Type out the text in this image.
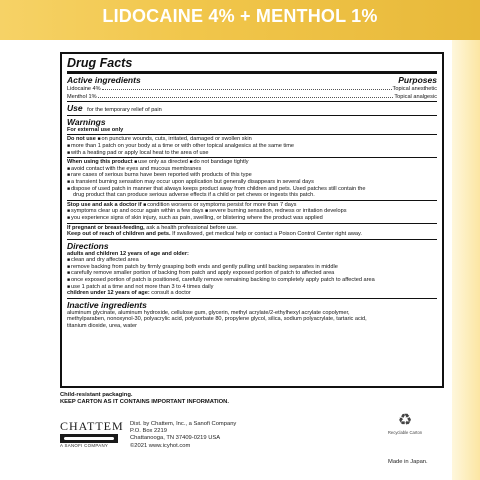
LIDOCAINE 4% + MENTHOL 1%
Drug Facts
Active ingredients	Purposes
Lidocaine 4%	Topical anesthetic
Menthol 1%	Topical analgesic
Use for the temporary relief of pain
Warnings
For external use only
Do not use ■ on puncture wounds, cuts, irritated, damaged or swollen skin
■ more than 1 patch on your body at a time or with other topical analgesics at the same time
■ with a heating pad or apply local heat to the area of use
When using this product ■ use only as directed ■ do not bandage tightly
■ avoid contact with the eyes and mucous membranes
■ rare cases of serious burns have been reported with products of this type
■ a transient burning sensation may occur upon application but generally disappears in several days
■ dispose of used patch in manner that always keeps product away from children and pets. Used patches still contain the
drug product that can produce serious adverse effects if a child or pet chews or ingests this patch.
Stop use and ask a doctor if ■ condition worsens or symptoms persist for more than 7 days
■ symptoms clear up and occur again within a few days ■ severe burning sensation, redness or irritation develops
■ you experience signs of skin injury, such as pain, swelling, or blistering where the product was applied
If pregnant or breast-feeding, ask a health professional before use.
Keep out of reach of children and pets. If swallowed, get medical help or contact a Poison Control Center right away.
Directions
adults and children 12 years of age and older:
■ clean and dry affected area
■ remove backing from patch by firmly grasping both ends and gently pulling until backing separates in middle
■ carefully remove smaller portion of backing from patch and apply exposed portion of patch to affected area
■ once exposed portion of patch is positioned, carefully remove remaining backing to completely apply patch to affected area
■ use 1 patch at a time and not more than 3 to 4 times daily
children under 12 years of age: consult a doctor
Inactive ingredients
aluminum glycinate, aluminum hydroxide, cellulose gum, glycerin, methyl acrylate/2-ethylhexyl acrylate copolymer,
methylparaben, nonoxynol-30, polyacrylic acid, polysorbate 80, propylene glycol, silica, sodium polyacrylate, tartaric acid,
titanium dioxide, urea, water
Child-resistant packaging.
KEEP CARTON AS IT CONTAINS IMPORTANT INFORMATION.
CHATTEM
A SANOFI COMPANY
Dist. by Chattem, Inc., a Sanofi Company
P.O. Box 2219
Chattanooga, TN 37409-0219 USA
©2021 www.icyhot.com
♻
Recyclable Carton
Made in Japan.
